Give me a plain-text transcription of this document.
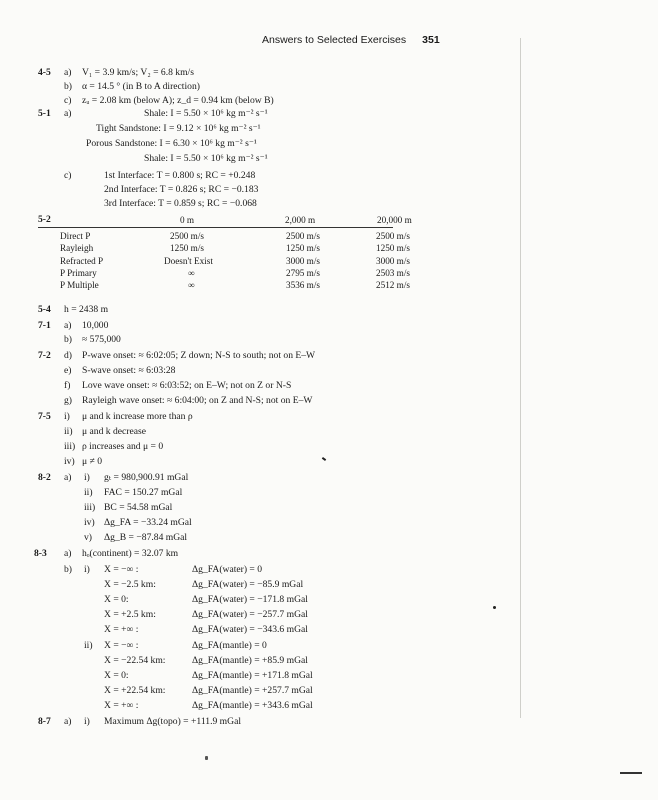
Answers to Selected Exercises 351
4-5 a) V₁ = 3.9 km/s; V₂ = 6.8 km/s
b) α = 14.5 ° (in B to A direction)
c) zᵤ = 2.08 km (below A); z_d = 0.94 km (below B)
5-1 a)	Shale: I = 5.50 × 10⁶ kg m⁻² s⁻¹
Tight Sandstone: I = 9.12 × 10⁶ kg m⁻² s⁻¹
Porous Sandstone: I = 6.30 × 10⁶ kg m⁻² s⁻¹
Shale: I = 5.50 × 10⁶ kg m⁻² s⁻¹
c)	1st Interface: T = 0.800 s; RC = +0.248
2nd Interface: T = 0.826 s; RC = −0.183
3rd Interface: T = 0.859 s; RC = −0.068
5-2	0 m	2,000 m	20,000 m
Direct P	2500 m/s	2500 m/s	2500 m/s
Rayleigh	1250 m/s	1250 m/s	1250 m/s
Refracted P	Doesn't Exist	3000 m/s	3000 m/s
P Primary	∞	2795 m/s	2503 m/s
P Multiple	∞	3536 m/s	2512 m/s
5-4 h = 2438 m
7-1 a) 10,000
b) ≈ 575,000
7-2 d) P-wave onset: ≈ 6:02:05; Z down; N-S to south; not on E–W
e) S-wave onset: ≈ 6:03:28
f) Love wave onset: ≈ 6:03:52; on E–W; not on Z or N-S
g) Rayleigh wave onset: ≈ 6:04:00; on Z and N-S; not on E–W
7-5 i) μ and k increase more than ρ
ii) μ and k decrease
iii) ρ increases and μ = 0
iv) μ ≠ 0
8-2 a) i) gₜ = 980,900.91 mGal
ii) FAC = 150.27 mGal
iii) BC = 54.58 mGal
iv) Δg_FA = −33.24 mGal
v) Δg_B = −87.84 mGal
8-3 a) hₒ(continent) = 32.07 km
b) i) X = −∞ :	Δg_FA(water) = 0
X = −2.5 km:	Δg_FA(water) = −85.9 mGal
X = 0:	Δg_FA(water) = −171.8 mGal
X = +2.5 km:	Δg_FA(water) = −257.7 mGal
X = +∞ :	Δg_FA(water) = −343.6 mGal
ii) X = −∞ :	Δg_FA(mantle) = 0
X = −22.54 km:	Δg_FA(mantle) = +85.9 mGal
X = 0:	Δg_FA(mantle) = +171.8 mGal
X = +22.54 km:	Δg_FA(mantle) = +257.7 mGal
X = +∞ :	Δg_FA(mantle) = +343.6 mGal
8-7 a) i) Maximum Δg(topo) = +111.9 mGal
